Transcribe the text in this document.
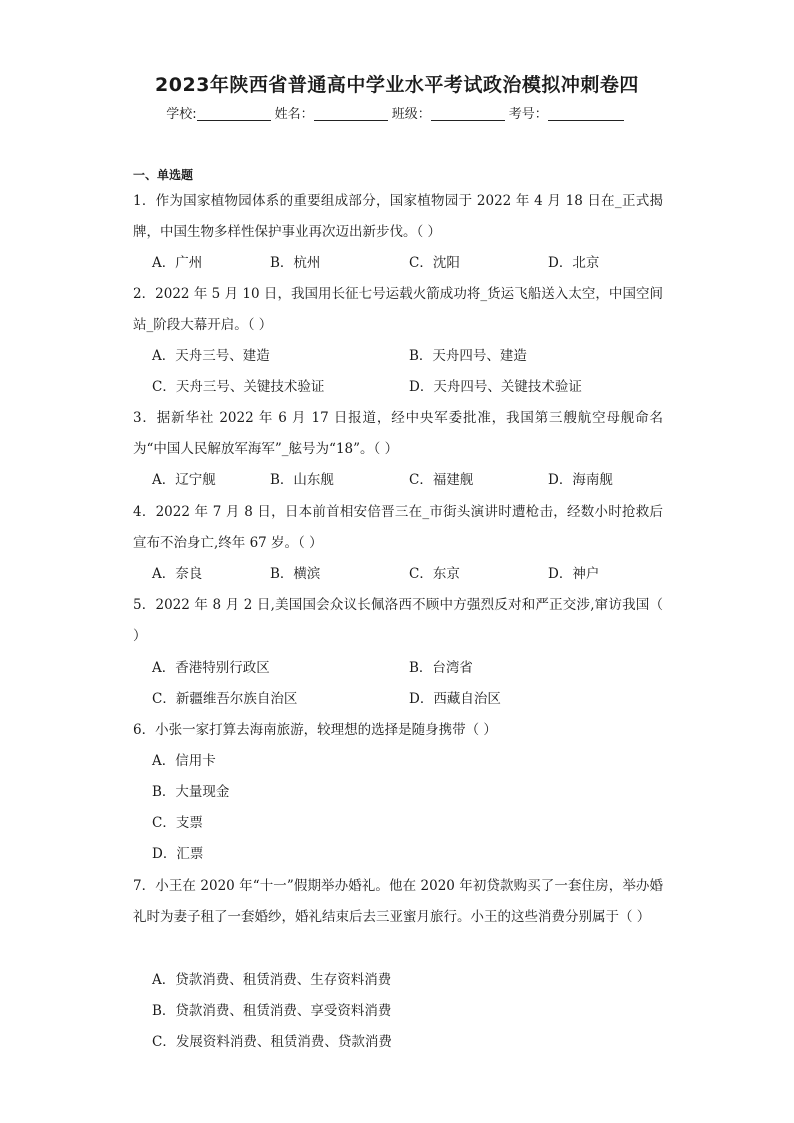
2023年陕西省普通高中学业水平考试政治模拟冲刺卷四
学校:	姓名：	班级：	考号：
一、单选题
1．作为国家植物园体系的重要组成部分，国家植物园于 2022 年 4 月 18 日在_正式揭牌，中国生物多样性保护事业再次迈出新步伐。（ ）
A．广州	B．杭州	C．沈阳	D．北京
2．2022 年 5 月 10 日，我国用长征七号运载火箭成功将_货运飞船送入太空，中国空间站_阶段大幕开启。（ ）
A．天舟三号、建造	B．天舟四号、建造
C．天舟三号、关键技术验证	D．天舟四号、关键技术验证
3．据新华社 2022 年 6 月 17 日报道，经中央军委批准，我国第三艘航空母舰命名为“中国人民解放军海军”_舷号为“18”。（ ）
A．辽宁舰	B．山东舰	C．福建舰	D．海南舰
4．2022 年 7 月 8 日，日本前首相安倍晋三在_市街头演讲时遭枪击，经数小时抢救后宣布不治身亡,终年 67 岁。（ ）
A．奈良	B．横滨	C．东京	D．神户
5．2022 年 8 月 2 日,美国国会众议长佩洛西不顾中方强烈反对和严正交涉,窜访我国（ ）
A．香港特别行政区	B．台湾省
C．新疆维吾尔族自治区	D．西藏自治区
6．小张一家打算去海南旅游，较理想的选择是随身携带（ ）
A．信用卡
B．大量现金
C．支票
D．汇票
7．小王在 2020 年“十一”假期举办婚礼。他在 2020 年初贷款购买了一套住房，举办婚礼时为妻子租了一套婚纱，婚礼结束后去三亚蜜月旅行。小王的这些消费分别属于（ ）
A．贷款消费、租赁消费、生存资料消费
B．贷款消费、租赁消费、享受资料消费
C．发展资料消费、租赁消费、贷款消费
